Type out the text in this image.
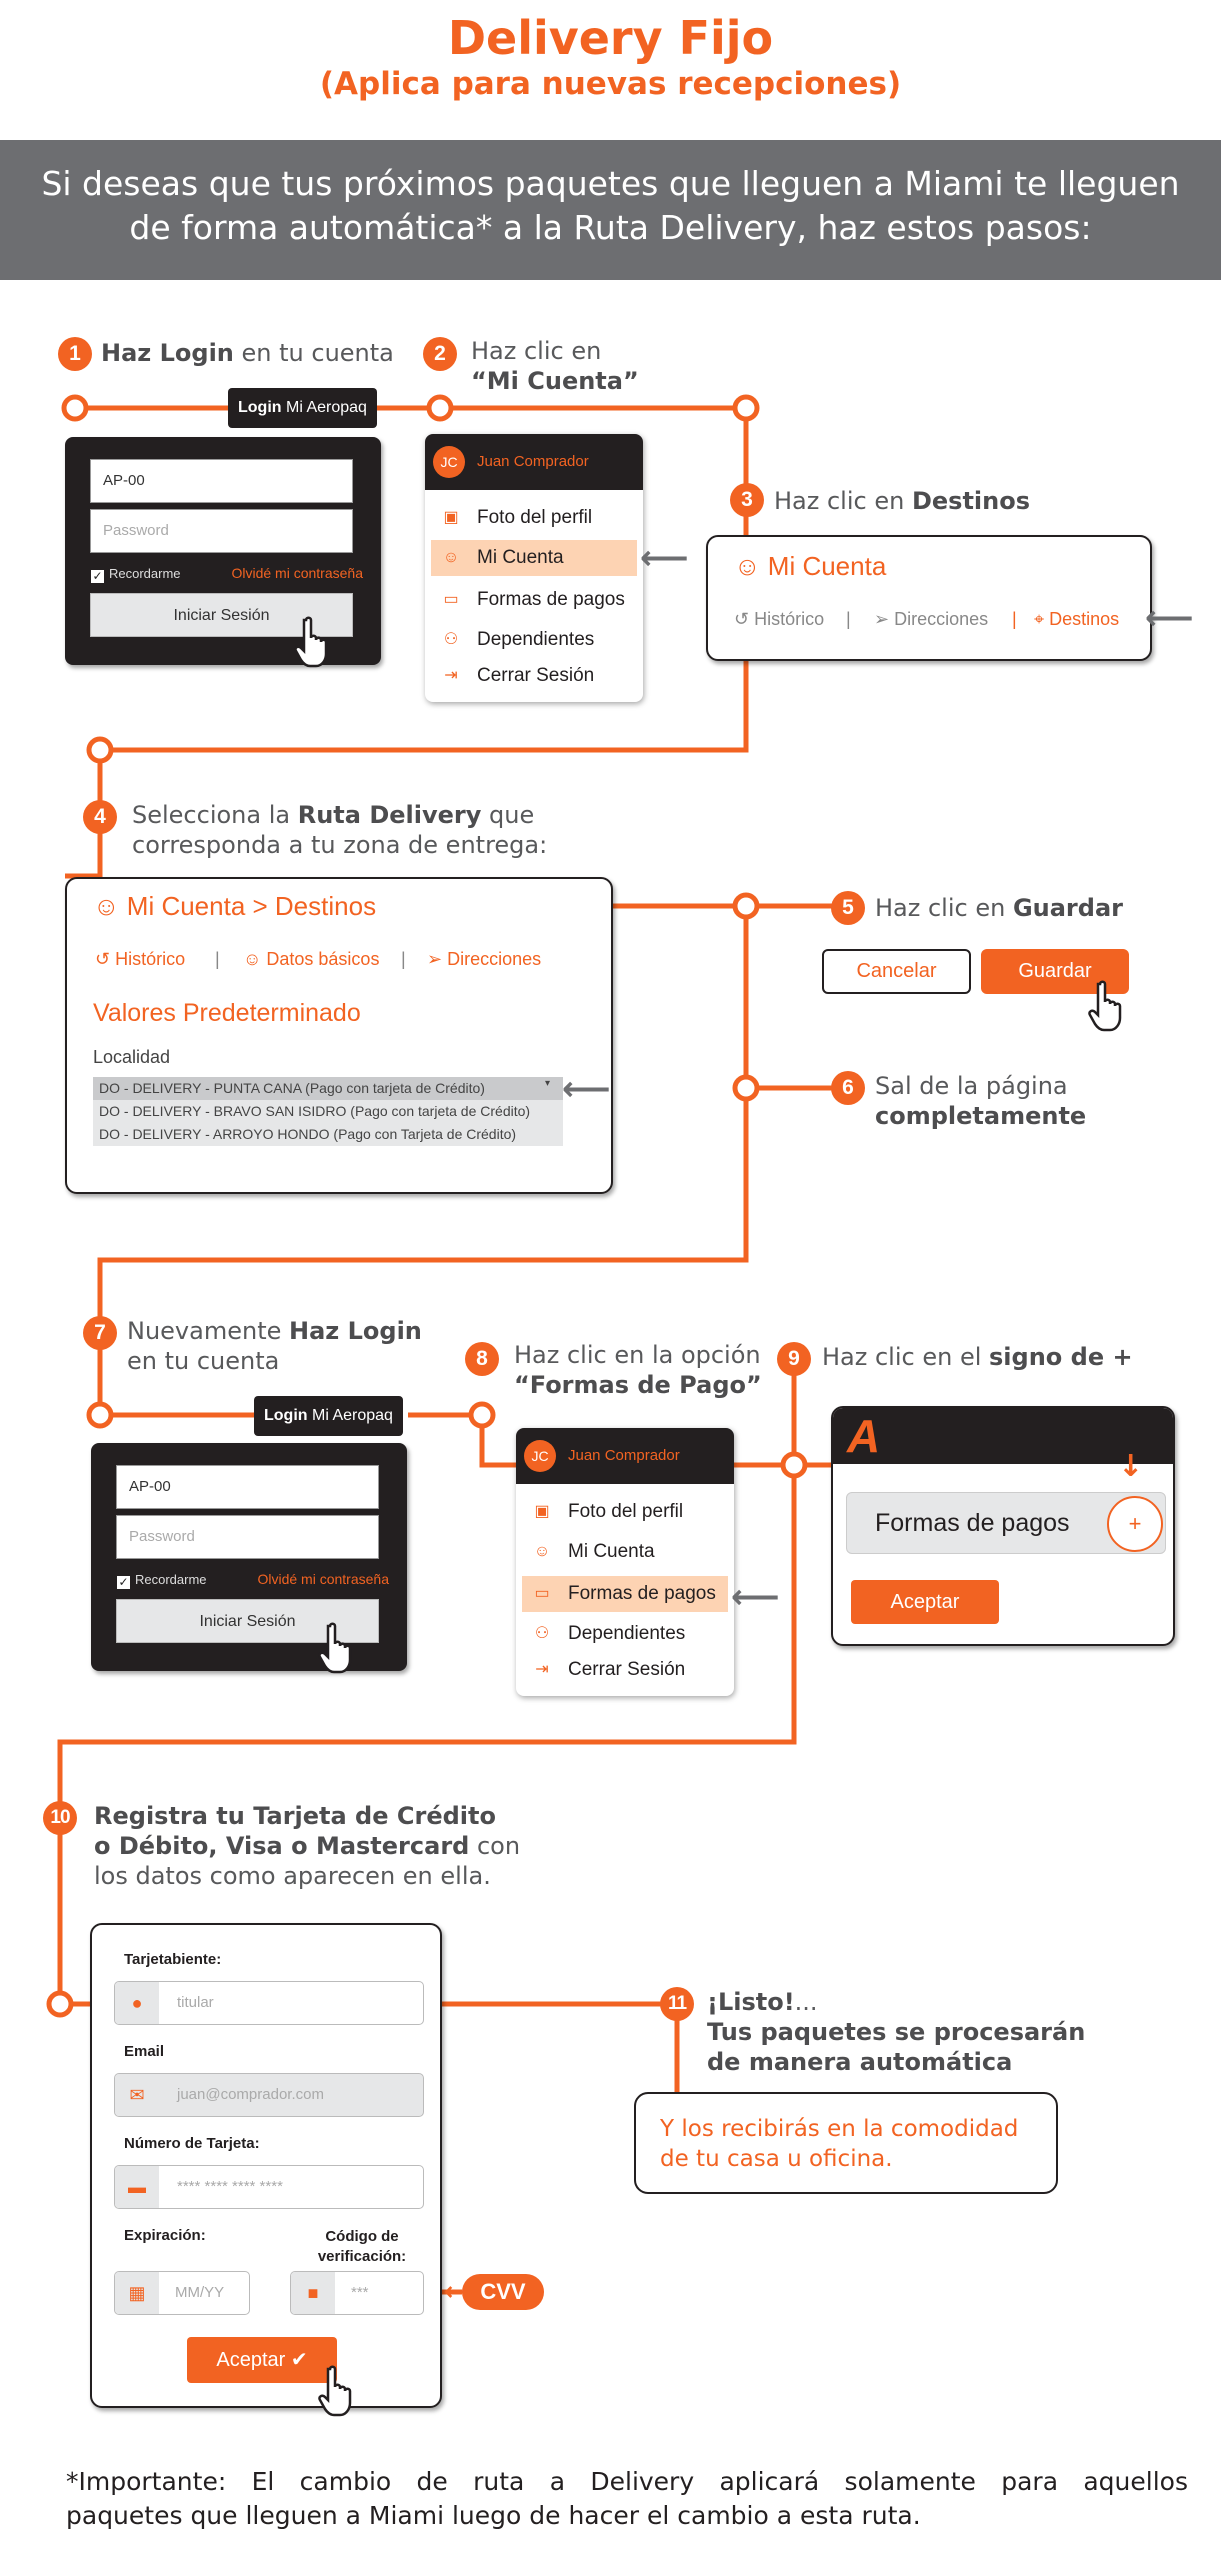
Delivery Fijo
(Aplica para nuevas recepciones)
Si deseas que tus próximos paquetes que lleguen a Miami te lleguen
de forma automática* a la Ruta Delivery, haz estos pasos:
1 Haz Login en tu cuenta
Login Mi Aeropaq
AP-00
Password
✓ Recordarme	Olvidé mi contraseña
Iniciar Sesión
2	Haz clic en
“Mi Cuenta”
JC	Juan Comprador
▣ Foto del perfil
☺ Mi Cuenta
▭ Formas de pagos
⚇ Dependientes
⇥ Cerrar Sesión
⟵
3 Haz clic en Destinos
☺ Mi Cuenta
↺ Histórico | ➢ Direcciones | ⌖ Destinos ⟵
4	Selecciona la Ruta Delivery que
corresponda a tu zona de entrega:
☺ Mi Cuenta > Destinos
↺ Histórico | ☺ Datos básicos | ➢ Direcciones
Valores Predeterminado
Localidad
DO - DELIVERY - PUNTA CANA (Pago con tarjeta de Crédito)	▾
DO - DELIVERY - BRAVO SAN ISIDRO (Pago con tarjeta de Crédito)
DO - DELIVERY - ARROYO HONDO (Pago con Tarjeta de Crédito)
⟵
5 Haz clic en Guardar
Cancelar	Guardar
6 Sal de la página
completamente
7 Nuevamente Haz Login
en tu cuenta
Login Mi Aeropaq
AP-00
Password
✓ Recordarme	Olvidé mi contraseña
Iniciar Sesión
8	Haz clic en la opción
“Formas de Pago”
JC	Juan Comprador
▣ Foto del perfil
☺ Mi Cuenta
▭ Formas de pagos
⚇ Dependientes
⇥ Cerrar Sesión
⟵
9 Haz clic en el signo de +
A
Formas de pagos	+
Aceptar
↓
10	Registra tu Tarjeta de Crédito
o Débito, Visa o Mastercard con
los datos como aparecen en ella.
Tarjetabiente:
●	titular
Email
✉	juan@comprador.com
Número de Tarjeta:
▬	**** **** **** ****
Expiración:	Código de
verificación:
▦	MM/YY	■	***
Aceptar ✔
CVV
←
11 ¡Listo!...
Tus paquetes se procesarán
de manera automática
Y los recibirás en la comodidad
de tu casa u oficina.
*Importante: El cambio de ruta a Delivery aplicará solamente para aquellos
paquetes que lleguen a Miami luego de hacer el cambio a esta ruta.
